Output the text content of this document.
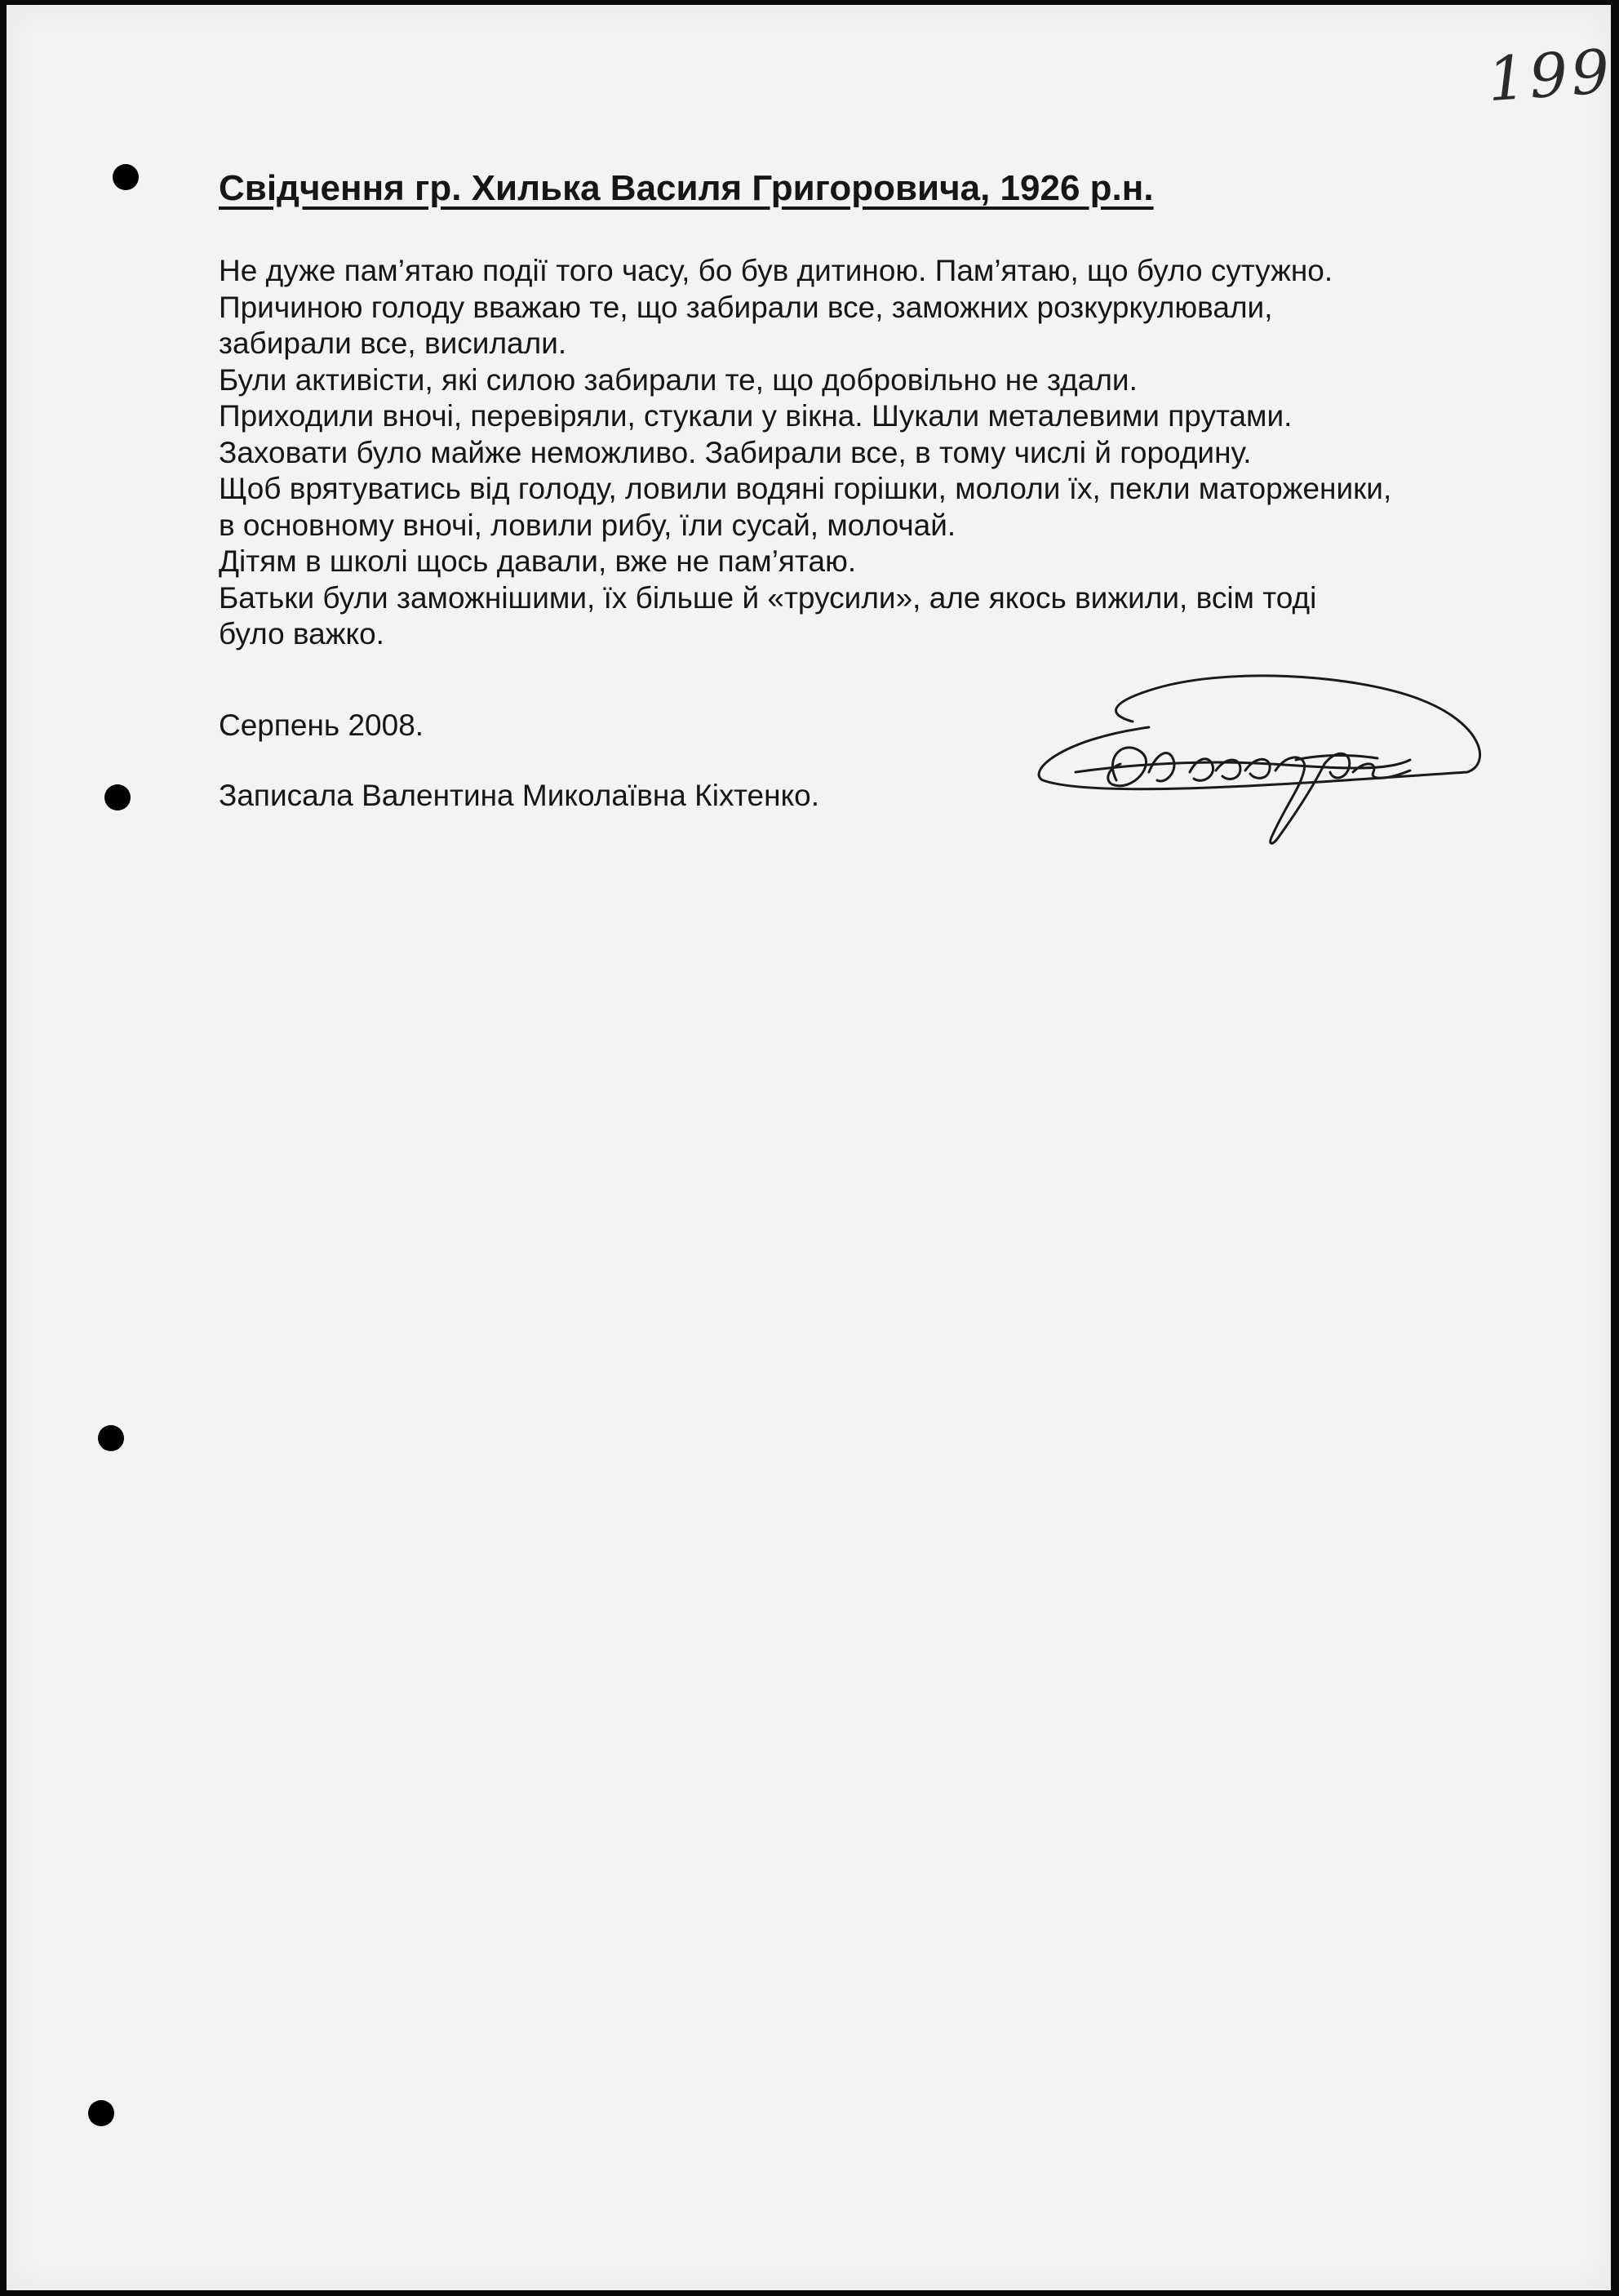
199
Свідчення гр. Хилька Василя Григоровича, 1926 р.н.
Не дуже пам’ятаю події того часу, бо був дитиною. Пам’ятаю, що було сутужно.
Причиною голоду вважаю те, що забирали все, заможних розкуркулювали,
забирали все, висилали.
Були активісти, які силою забирали те, що добровільно не здали.
Приходили вночі, перевіряли, стукали у вікна. Шукали металевими прутами.
Заховати було майже неможливо. Забирали все, в тому числі й городину.
Щоб врятуватись від голоду, ловили водяні горішки, мололи їх, пекли маторженики,
в основному вночі, ловили рибу, їли сусай, молочай.
Дітям в школі щось давали, вже не пам’ятаю.
Батьки були заможнішими, їх більше й «трусили», але якось вижили, всім тоді
було важко.
Серпень 2008.
Записала Валентина Миколаївна Кіхтенко.
